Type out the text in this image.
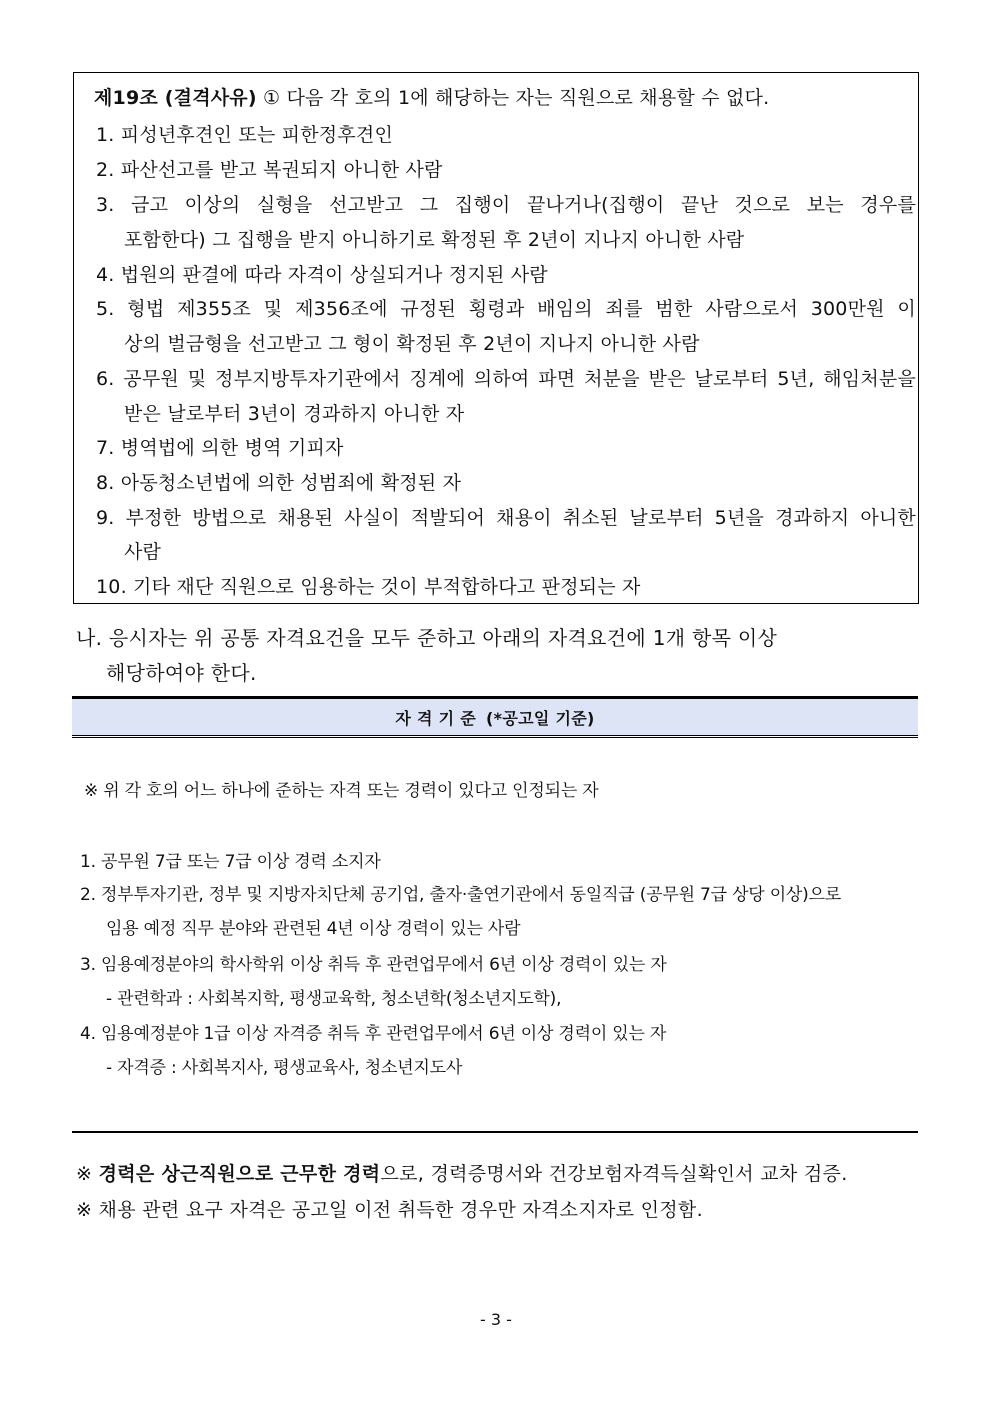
제19조 (결격사유) ① 다음 각 호의 1에 해당하는 자는 직원으로 채용할 수 없다.
1. 피성년후견인 또는 피한정후견인
2. 파산선고를 받고 복권되지 아니한 사람
3. 금고 이상의 실형을 선고받고 그 집행이 끝나거나(집행이 끝난 것으로 보는 경우를
포함한다) 그 집행을 받지 아니하기로 확정된 후 2년이 지나지 아니한 사람
4. 법원의 판결에 따라 자격이 상실되거나 정지된 사람
5. 형법 제355조 및 제356조에 규정된 횡령과 배임의 죄를 범한 사람으로서 300만원 이
상의 벌금형을 선고받고 그 형이 확정된 후 2년이 지나지 아니한 사람
6. 공무원 및 정부지방투자기관에서 징계에 의하여 파면 처분을 받은 날로부터 5년, 해임처분을
받은 날로부터 3년이 경과하지 아니한 자
7. 병역법에 의한 병역 기피자
8. 아동청소년법에 의한 성범죄에 확정된 자
9. 부정한 방법으로 채용된 사실이 적발되어 채용이 취소된 날로부터 5년을 경과하지 아니한
사람
10. 기타 재단 직원으로 임용하는 것이 부적합하다고 판정되는 자
나. 응시자는 위 공통 자격요건을 모두 준하고 아래의 자격요건에 1개 항목 이상
해당하여야 한다.
자 격 기 준 (*공고일 기준)
※ 위 각 호의 어느 하나에 준하는 자격 또는 경력이 있다고 인정되는 자
1. 공무원 7급 또는 7급 이상 경력 소지자
2. 정부투자기관, 정부 및 지방자치단체 공기업, 출자·출연기관에서 동일직급 (공무원 7급 상당 이상)으로
임용 예정 직무 분야와 관련된 4년 이상 경력이 있는 사람
3. 임용예정분야의 학사학위 이상 취득 후 관련업무에서 6년 이상 경력이 있는 자
- 관련학과 : 사회복지학, 평생교육학, 청소년학(청소년지도학),
4. 임용예정분야 1급 이상 자격증 취득 후 관련업무에서 6년 이상 경력이 있는 자
- 자격증 : 사회복지사, 평생교육사, 청소년지도사
※ 경력은 상근직원으로 근무한 경력으로, 경력증명서와 건강보험자격득실확인서 교차 검증.
※ 채용 관련 요구 자격은 공고일 이전 취득한 경우만 자격소지자로 인정함.
- 3 -
